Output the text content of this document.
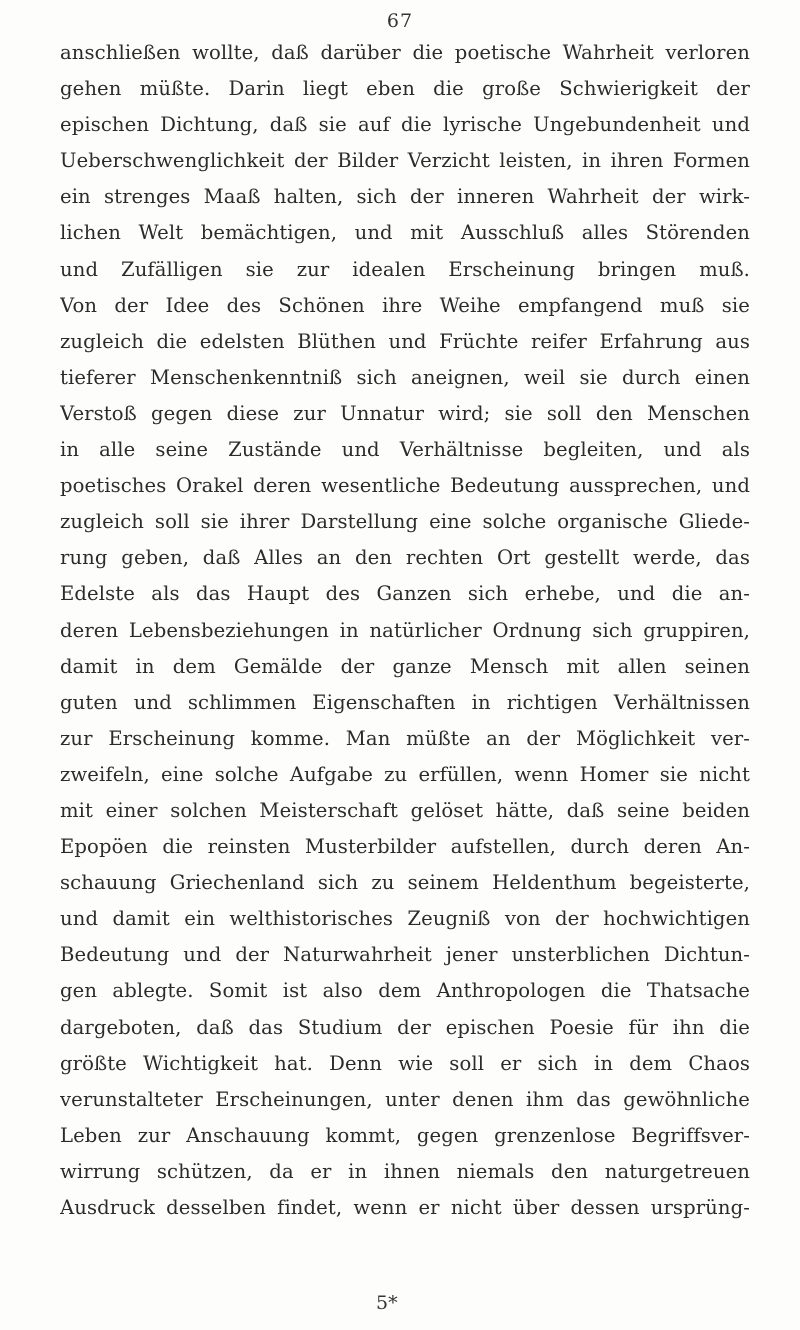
67
anschließen wollte, daß darüber die poetische Wahrheit verloren
gehen müßte. Darin liegt eben die große Schwierigkeit der
epischen Dichtung, daß sie auf die lyrische Ungebundenheit und
Ueberschwenglichkeit der Bilder Verzicht leisten, in ihren Formen
ein strenges Maaß halten, sich der inneren Wahrheit der wirk-
lichen Welt bemächtigen, und mit Ausschluß alles Störenden
und Zufälligen sie zur idealen Erscheinung bringen muß.
Von der Idee des Schönen ihre Weihe empfangend muß sie
zugleich die edelsten Blüthen und Früchte reifer Erfahrung aus
tieferer Menschenkenntniß sich aneignen, weil sie durch einen
Verstoß gegen diese zur Unnatur wird; sie soll den Menschen
in alle seine Zustände und Verhältnisse begleiten, und als
poetisches Orakel deren wesentliche Bedeutung aussprechen, und
zugleich soll sie ihrer Darstellung eine solche organische Gliede-
rung geben, daß Alles an den rechten Ort gestellt werde, das
Edelste als das Haupt des Ganzen sich erhebe, und die an-
deren Lebensbeziehungen in natürlicher Ordnung sich gruppiren,
damit in dem Gemälde der ganze Mensch mit allen seinen
guten und schlimmen Eigenschaften in richtigen Verhältnissen
zur Erscheinung komme. Man müßte an der Möglichkeit ver-
zweifeln, eine solche Aufgabe zu erfüllen, wenn Homer sie nicht
mit einer solchen Meisterschaft gelöset hätte, daß seine beiden
Epopöen die reinsten Musterbilder aufstellen, durch deren An-
schauung Griechenland sich zu seinem Heldenthum begeisterte,
und damit ein welthistorisches Zeugniß von der hochwichtigen
Bedeutung und der Naturwahrheit jener unsterblichen Dichtun-
gen ablegte. Somit ist also dem Anthropologen die Thatsache
dargeboten, daß das Studium der epischen Poesie für ihn die
größte Wichtigkeit hat. Denn wie soll er sich in dem Chaos
verunstalteter Erscheinungen, unter denen ihm das gewöhnliche
Leben zur Anschauung kommt, gegen grenzenlose Begriffsver-
wirrung schützen, da er in ihnen niemals den naturgetreuen
Ausdruck desselben findet, wenn er nicht über dessen ursprüng-
5*
